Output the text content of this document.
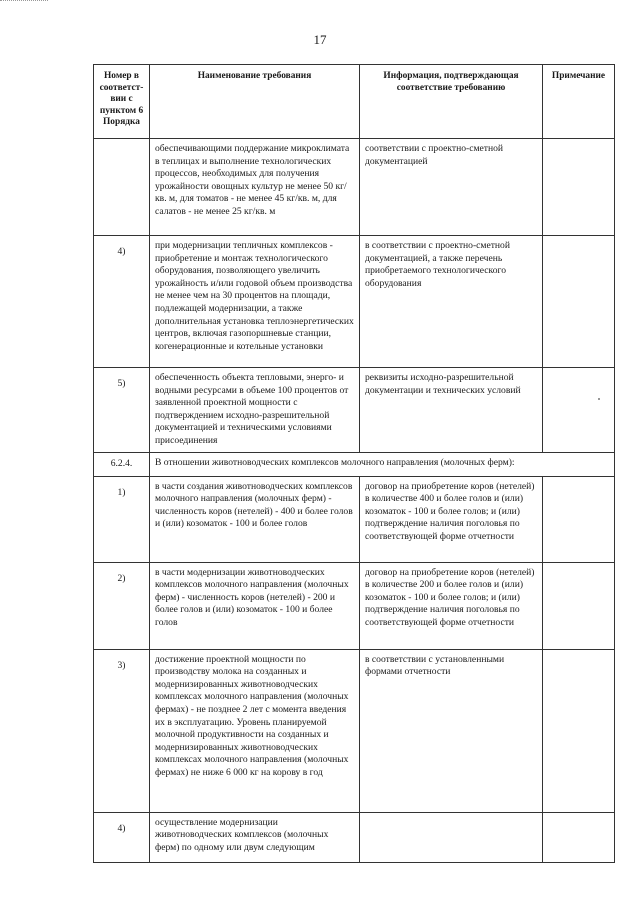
17
Номер в соответст-вии с пунктом 6 Порядка	Наименование требования	Информация, подтверждающая соответствие требованию	Примечание
	обеспечивающими поддержание микроклимата в теплицах и выполнение технологических процессов, необходимых для получения урожайности овощных культур не менее 50 кг/кв. м, для томатов - не менее 45 кг/кв. м, для салатов - не менее 25 кг/кв. м	соответствии с проектно-сметной документацией	
4)	при модернизации тепличных комплексов - приобретение и монтаж технологического оборудования, позволяющего увеличить урожайность и/или годовой объем производства не менее чем на 30 процентов на площади, подлежащей модернизации, а также дополнительная установка теплоэнергетических центров, включая газопоршневые станции, когенерационные и котельные установки	в соответствии с проектно-сметной документацией, а также перечень приобретаемого технологического оборудования	
5)	обеспеченность объекта тепловыми, энерго- и водными ресурсами в объеме 100 процентов от заявленной проектной мощности с подтверждением исходно-разрешительной документацией и техническими условиями присоединения	реквизиты исходно-разрешительной документации и технических условий	
6.2.4.	В отношении животноводческих комплексов молочного направления (молочных ферм):		
1)	в части создания животноводческих комплексов молочного направления (молочных ферм) - численность коров (нетелей) - 400 и более голов и (или) козоматок - 100 и более голов	договор на приобретение коров (нетелей) в количестве 400 и более голов и (или) козоматок - 100 и более голов; и (или) подтверждение наличия поголовья по соответствующей форме отчетности	
2)	в части модернизации животноводческих комплексов молочного направления (молочных ферм) - численность коров (нетелей) - 200 и более голов и (или) козоматок - 100 и более голов	договор на приобретение коров (нетелей) в количестве 200 и более голов и (или) козоматок - 100 и более голов; и (или) подтверждение наличия поголовья по соответствующей форме отчетности	
3)	достижение проектной мощности по производству молока на созданных и модернизированных животноводческих комплексах молочного направления (молочных фермах) - не позднее 2 лет с момента введения их в эксплуатацию. Уровень планируемой молочной продуктивности на созданных и модернизированных животноводческих комплексах молочного направления (молочных фермах) не ниже 6 000 кг на корову в год	в соответствии с установленными формами отчетности	
4)	осуществление модернизации животноводческих комплексов (молочных ферм) по одному или двум следующим		
